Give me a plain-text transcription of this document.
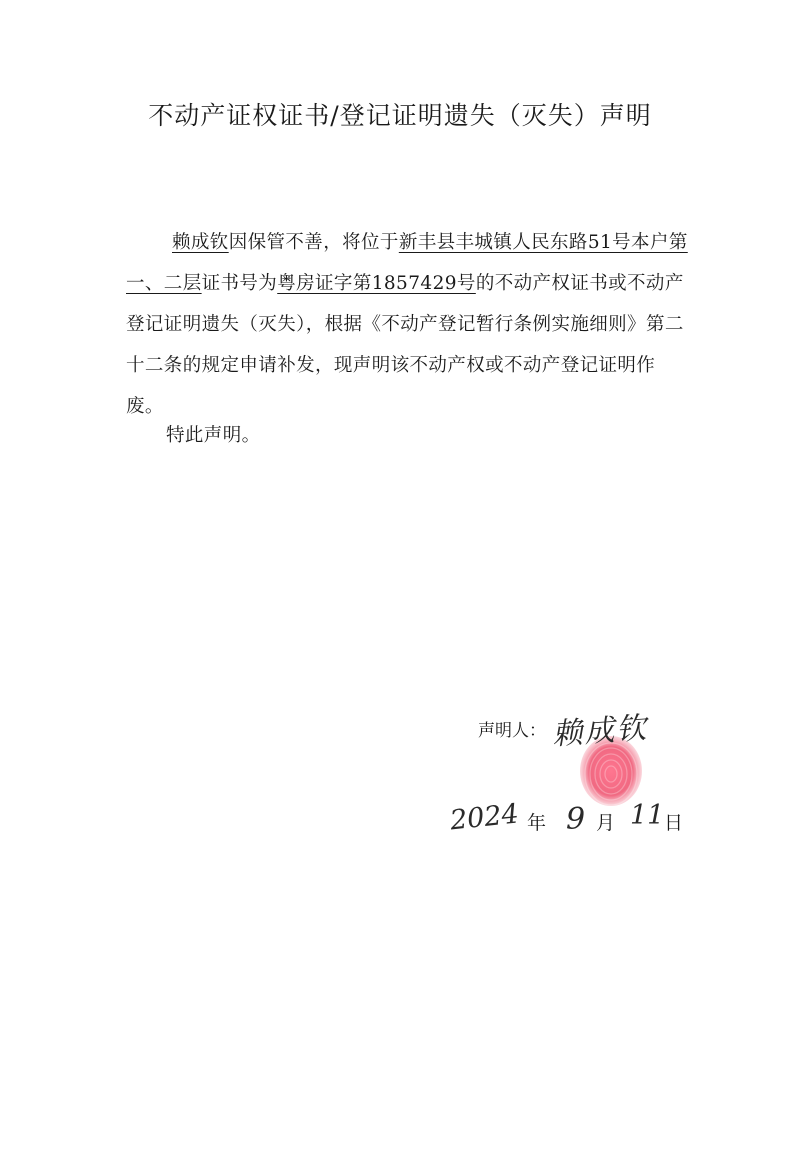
不动产证权证书/登记证明遗失（灭失）声明
赖成钦因保管不善，将位于新丰县丰城镇人民东路51号本户第一、二层证书号为粤房证字第1857429号的不动产权证书或不动产登记证明遗失（灭失），根据《不动产登记暂行条例实施细则》第二十二条的规定申请补发，现声明该不动产权或不动产登记证明作废。
特此声明。
声明人： 赖成钦
2024 年 9 月 11 日
